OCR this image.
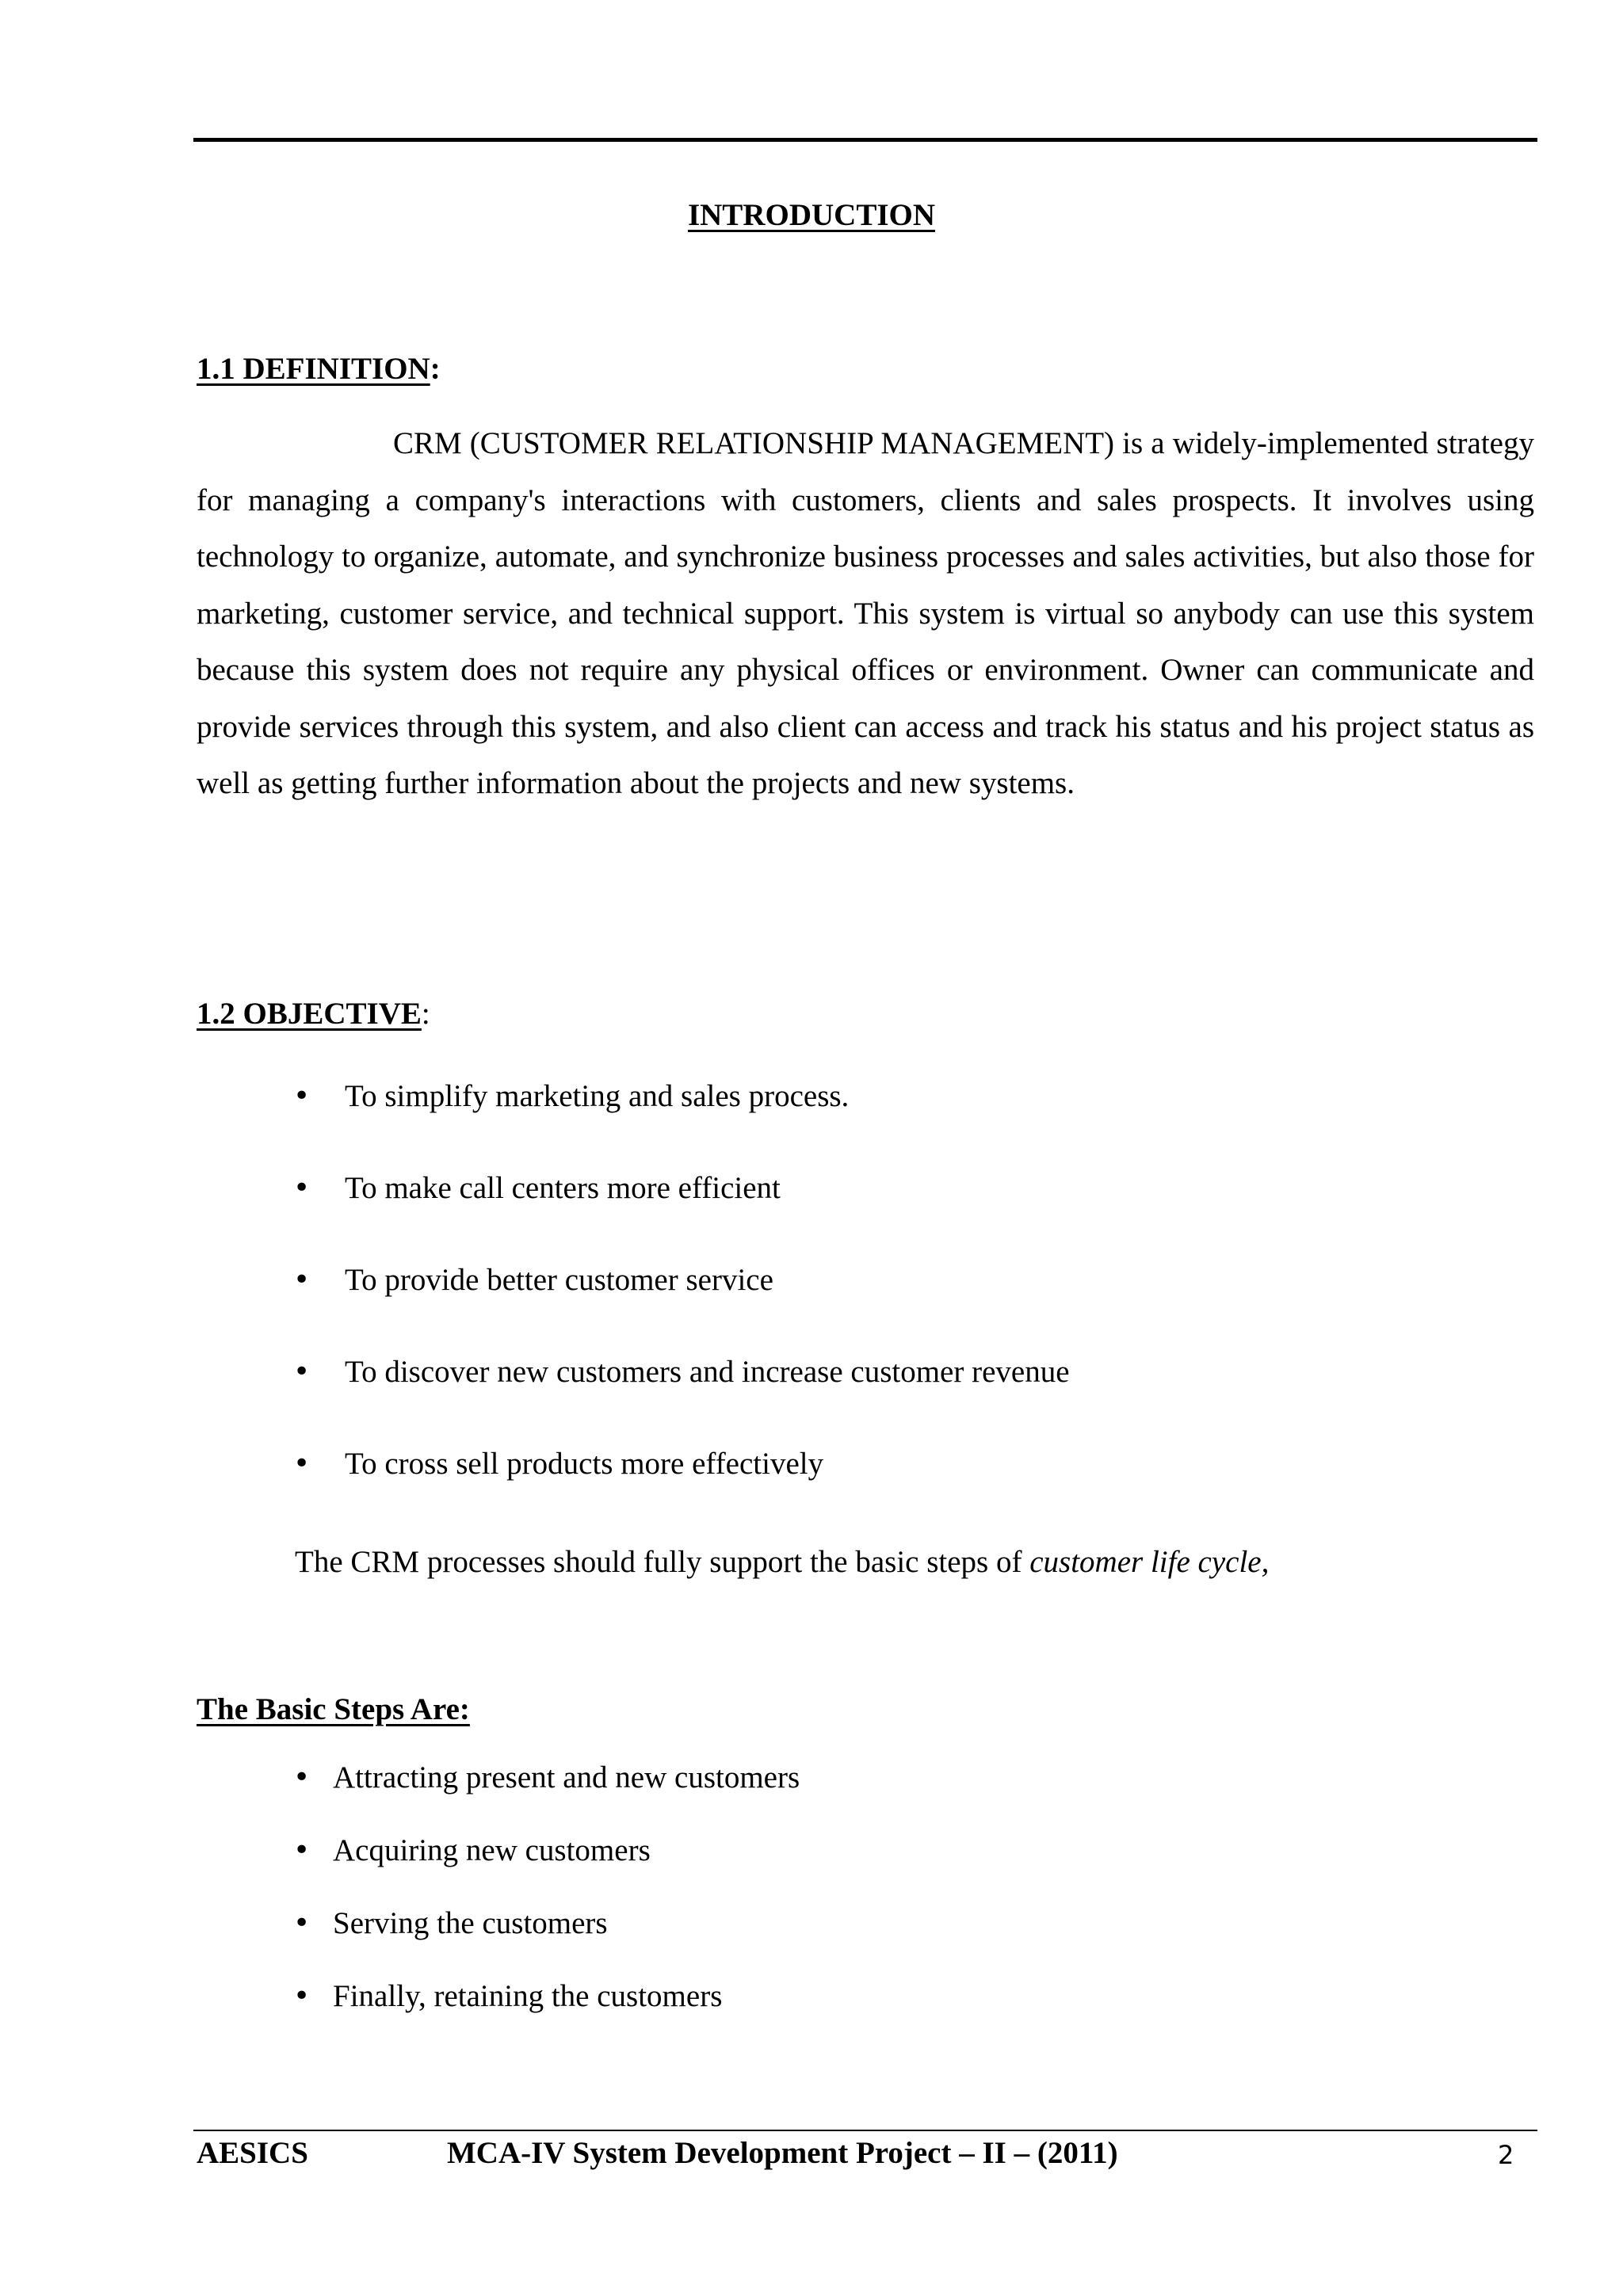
INTRODUCTION
1.1 DEFINITION:

CRM (CUSTOMER RELATIONSHIP MANAGEMENT) is a widely-implemented strategy for managing a company's interactions with customers, clients and sales prospects. It involves using technology to organize, automate, and synchronize business processes and sales activities, but also those for marketing, customer service, and technical support. This system is virtual so anybody can use this system because this system does not require any physical offices or environment. Owner can communicate and provide services through this system, and also client can access and track his status and his project status as well as getting further information about the projects and new systems.

1.2 OBJECTIVE:
• To simplify marketing and sales process.
• To make call centers more efficient
• To provide better customer service
• To discover new customers and increase customer revenue
• To cross sell products more effectively

The CRM processes should fully support the basic steps of customer life cycle,

The Basic Steps Are:
• Attracting present and new customers
• Acquiring new customers
• Serving the customers
• Finally, retaining the customers
AESICS	MCA-IV System Development Project – II – (2011)	2
